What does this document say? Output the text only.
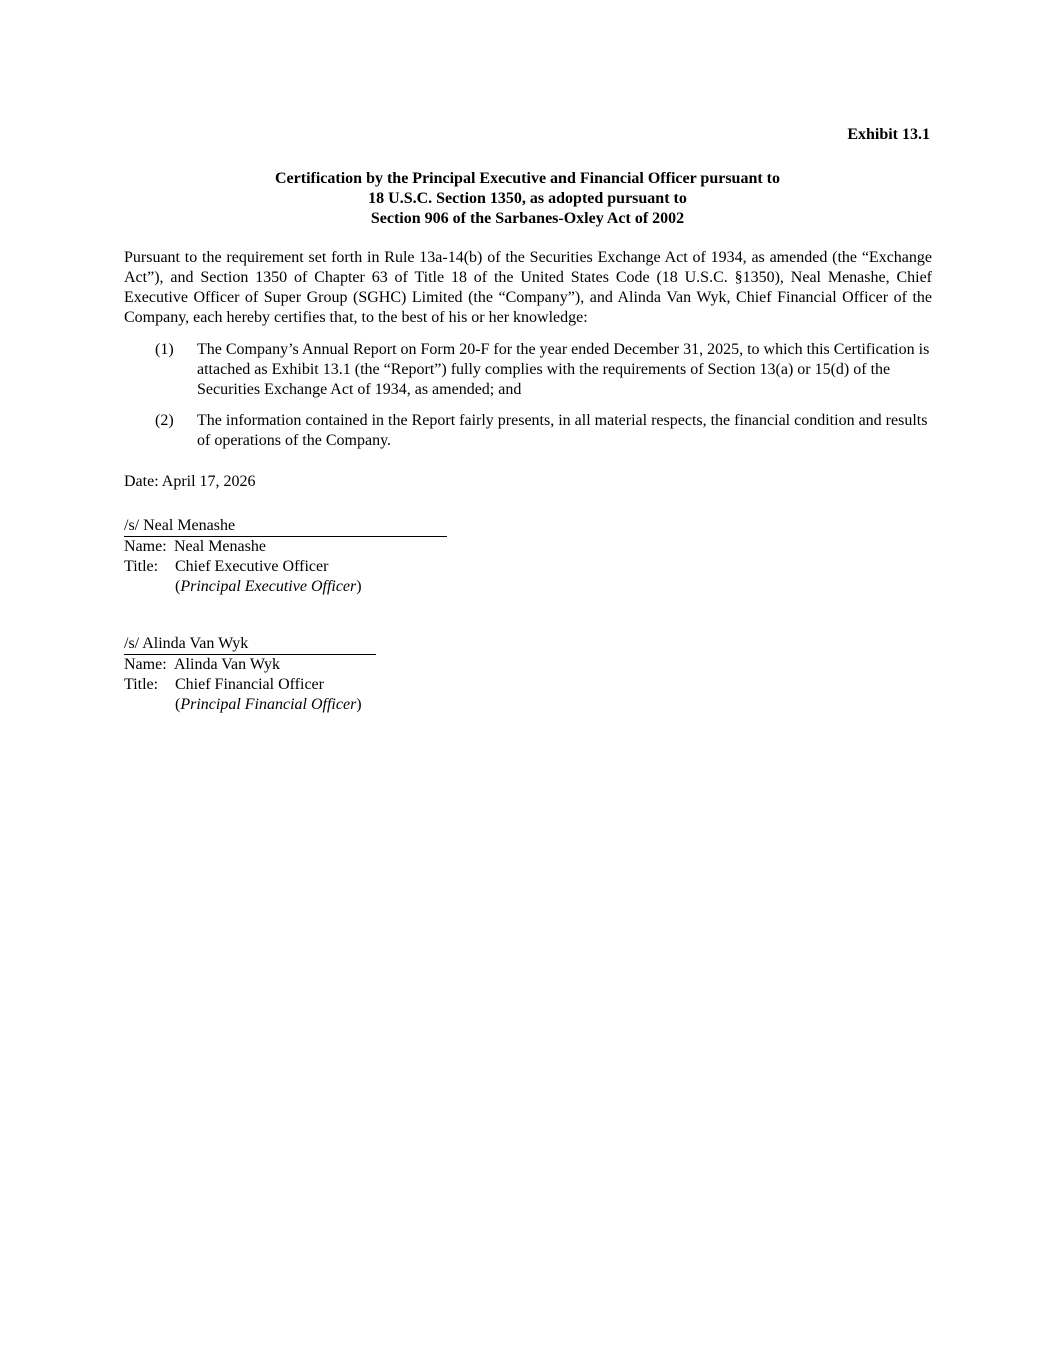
Exhibit 13.1
Certification by the Principal Executive and Financial Officer pursuant to
18 U.S.C. Section 1350, as adopted pursuant to
Section 906 of the Sarbanes-Oxley Act of 2002
Pursuant to the requirement set forth in Rule 13a-14(b) of the Securities Exchange Act of 1934, as amended (the “Exchange Act”), and Section 1350 of Chapter 63 of Title 18 of the United States Code (18 U.S.C. §1350), Neal Menashe, Chief Executive Officer of Super Group (SGHC) Limited (the “Company”), and Alinda Van Wyk, Chief Financial Officer of the Company, each hereby certifies that, to the best of his or her knowledge:
(1) The Company’s Annual Report on Form 20-F for the year ended December 31, 2025, to which this Certification is attached as Exhibit 13.1 (the “Report”) fully complies with the requirements of Section 13(a) or 15(d) of the Securities Exchange Act of 1934, as amended; and
(2) The information contained in the Report fairly presents, in all material respects, the financial condition and results of operations of the Company.
Date: April 17, 2026
/s/ Neal Menashe
Name: Neal Menashe
Title: Chief Executive Officer
(Principal Executive Officer)
/s/ Alinda Van Wyk
Name: Alinda Van Wyk
Title: Chief Financial Officer
(Principal Financial Officer)
